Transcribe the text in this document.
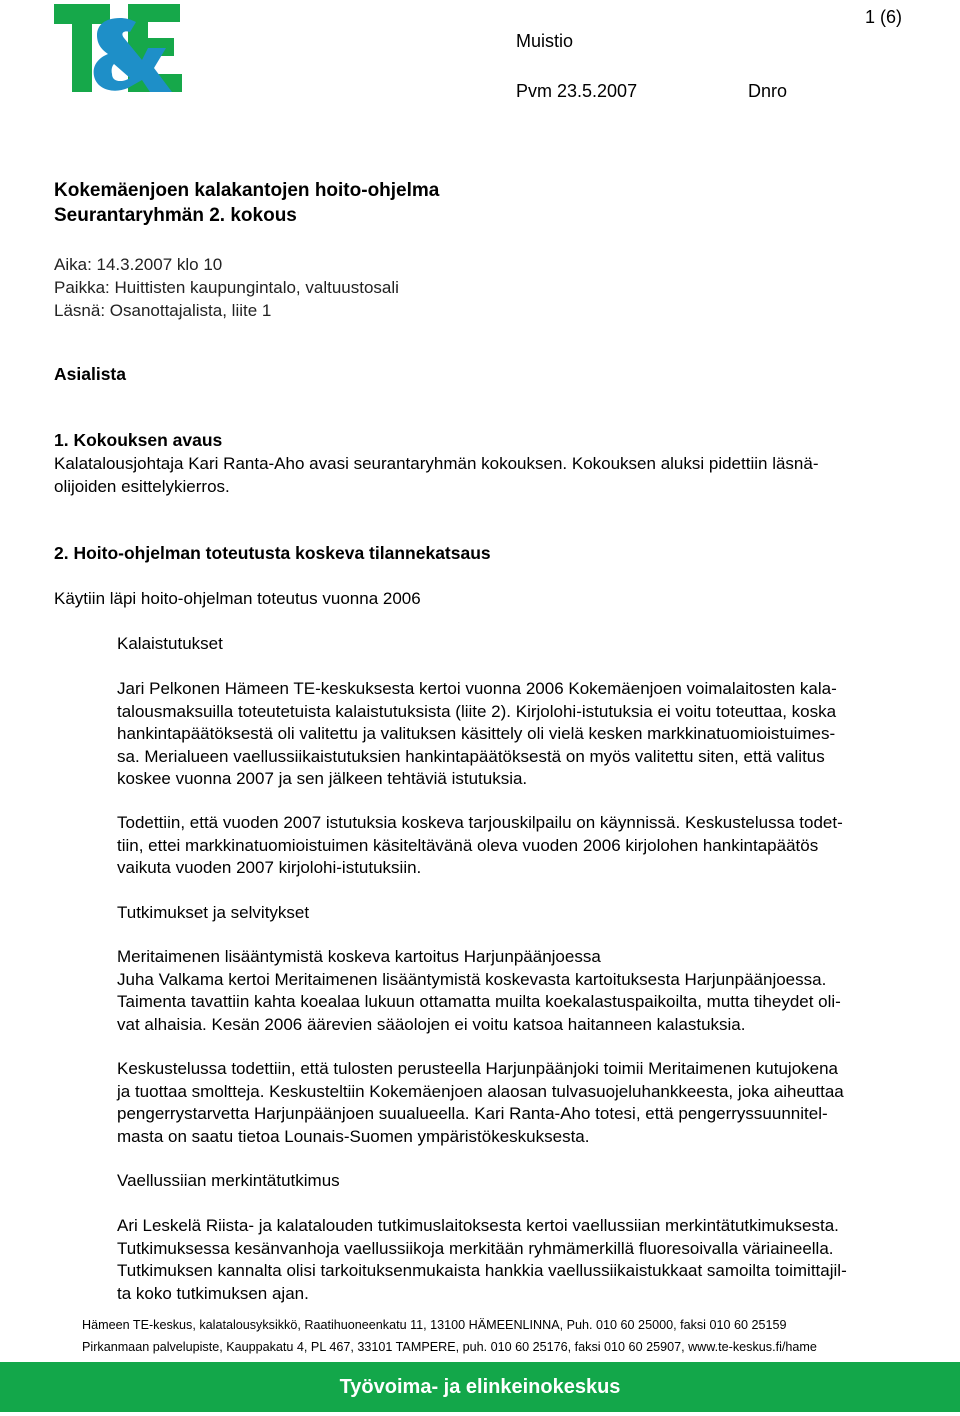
1 (6)
Muistio
Pvm 23.5.2007	Dnro
Kokemäenjoen kalakantojen hoito-ohjelma
Seurantaryhmän 2. kokous
Aika: 14.3.2007 klo 10
Paikka: Huittisten kaupungintalo, valtuustosali
Läsnä: Osanottajalista, liite 1
Asialista
1. Kokouksen avaus
Kalatalousjohtaja Kari Ranta-Aho avasi seurantaryhmän kokouksen. Kokouksen aluksi pidettiin läsnä-
olijoiden esittelykierros.
2. Hoito-ohjelman toteutusta koskeva tilannekatsaus
Käytiin läpi hoito-ohjelman toteutus vuonna 2006
Kalaistutukset
Jari Pelkonen Hämeen TE-keskuksesta kertoi vuonna 2006 Kokemäenjoen voimalaitosten kala-
talousmaksuilla toteutetuista kalaistutuksista (liite 2). Kirjolohi-istutuksia ei voitu toteuttaa, koska
hankintapäätöksestä oli valitettu ja valituksen käsittely oli vielä kesken markkinatuomioistuimes-
sa. Merialueen vaellussiikaistutuksien hankintapäätöksestä on myös valitettu siten, että valitus
koskee vuonna 2007 ja sen jälkeen tehtäviä istutuksia.
Todettiin, että vuoden 2007 istutuksia koskeva tarjouskilpailu on käynnissä. Keskustelussa todet-
tiin, ettei markkinatuomioistuimen käsiteltävänä oleva vuoden 2006 kirjolohen hankintapäätös
vaikuta vuoden 2007 kirjolohi-istutuksiin.
Tutkimukset ja selvitykset
Meritaimenen lisääntymistä koskeva kartoitus Harjunpäänjoessa
Juha Valkama kertoi Meritaimenen lisääntymistä koskevasta kartoituksesta Harjunpäänjoessa.
Taimenta tavattiin kahta koealaa lukuun ottamatta muilta koekalastuspaikoilta, mutta tiheydet oli-
vat alhaisia. Kesän 2006 äärevien sääolojen ei voitu katsoa haitanneen kalastuksia.
Keskustelussa todettiin, että tulosten perusteella Harjunpäänjoki toimii Meritaimenen kutujokena
ja tuottaa smoltteja. Keskusteltiin Kokemäenjoen alaosan tulvasuojeluhankkeesta, joka aiheuttaa
pengerrystarvetta Harjunpäänjoen suualueella. Kari Ranta-Aho totesi, että pengerryssuunnitel-
masta on saatu tietoa Lounais-Suomen ympäristökeskuksesta.
Vaellussiian merkintätutkimus
Ari Leskelä Riista- ja kalatalouden tutkimuslaitoksesta kertoi vaellussiian merkintätutkimuksesta.
Tutkimuksessa kesänvanhoja vaellussiikoja merkitään ryhmämerkillä fluoresoivalla väriaineella.
Tutkimuksen kannalta olisi tarkoituksenmukaista hankkia vaellussiikaistukkaat samoilta toimittajil-
ta koko tutkimuksen ajan.
Hämeen TE-keskus, kalatalousyksikkö, Raatihuoneenkatu 11, 13100 HÄMEENLINNA, Puh. 010 60 25000, faksi 010 60 25159
Pirkanmaan palvelupiste, Kauppakatu 4, PL 467, 33101 TAMPERE, puh. 010 60 25176, faksi 010 60 25907, www.te-keskus.fi/hame
Työvoima- ja elinkeinokeskus
